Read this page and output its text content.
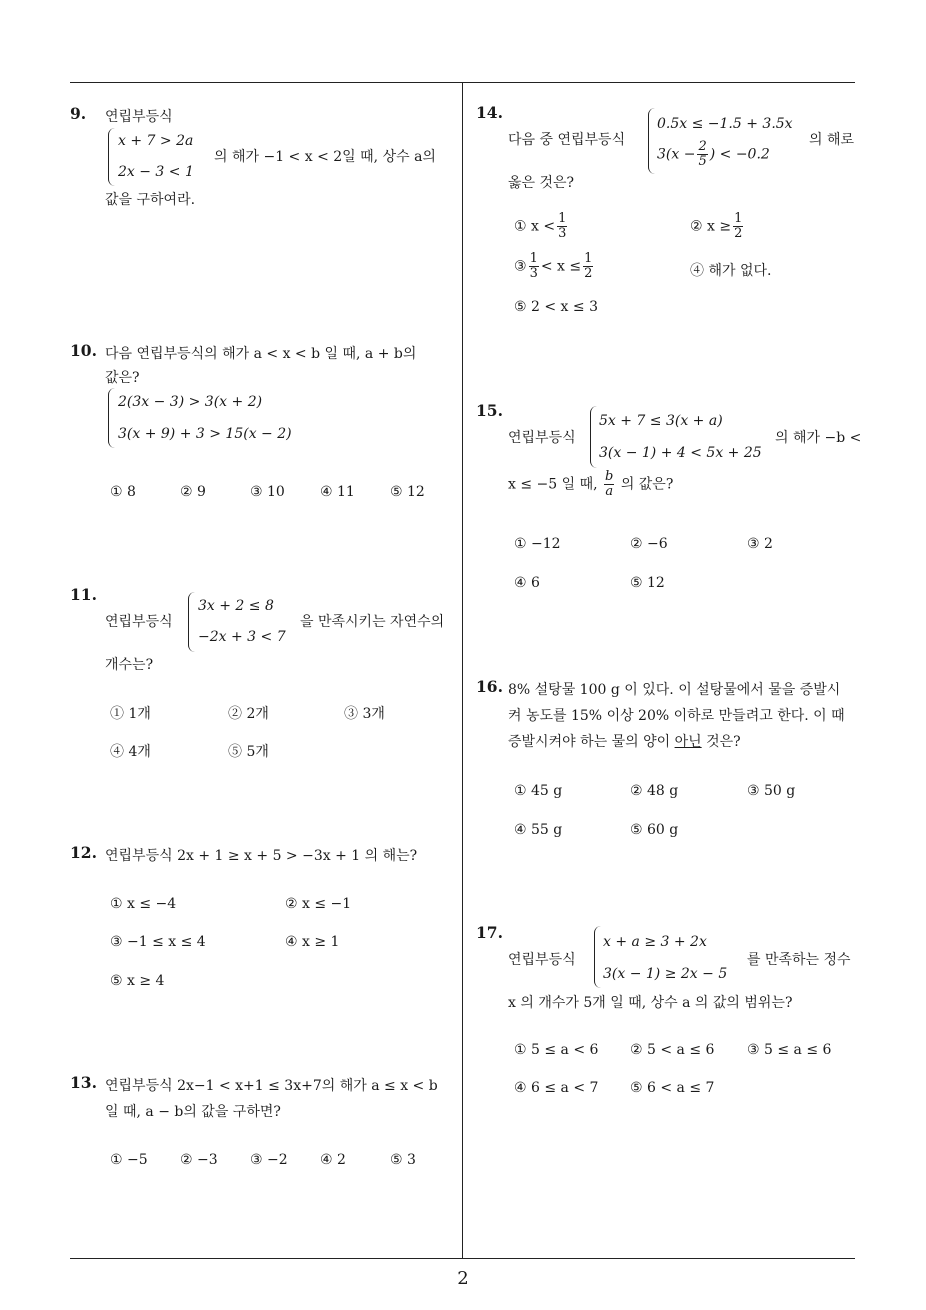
2
9. 연립부등식
x + 7 > 2a
2x − 3 < 1
의 해가 −1 < x < 2일 때, 상수 a의
값을 구하여라.
10. 다음 연립부등식의 해가 a < x < b 일 때, a + b의
값은?
2(3x − 3) > 3(x + 2)
3(x + 9) + 3 > 15(x − 2)
① 8	② 9	③ 10	④ 11	⑤ 12
11.
연립부등식
3x + 2 ≤ 8
−2x + 3 < 7
을 만족시키는 자연수의
개수는?
① 1개	② 2개	③ 3개
④ 4개	⑤ 5개
12. 연립부등식 2x + 1 ≥ x + 5 > −3x + 1 의 해는?
① x ≤ −4	② x ≤ −1
③ −1 ≤ x ≤ 4	④ x ≥ 1
⑤ x ≥ 4
13. 연립부등식 2x−1 < x+1 ≤ 3x+7의 해가 a ≤ x < b
일 때, a − b의 값을 구하면?
① −5 ② −3 ③ −2 ④ 2	⑤ 3
14.
다음 중 연립부등식
0.5x ≤ −1.5 + 3.5x
$3(x - \frac{2}{5}$ ) < −0.2
의 해로
옳은 것은?
① $x < \frac{1}{3}$	② $x \ge \frac{1}{2}$
③ $\frac{1}{3} < x \le \frac{1}{2}$	④ 해가 없다.
⑤ 2 < x ≤ 3
15.
연립부등식
5x + 7 ≤ 3(x + a)
3(x − 1) + 4 < 5x + 25
의 해가 −b <
x ≤ −5 일 때, $\frac{b}{a}$ 의 값은?
① −12	② −6	③ 2
④ 6	⑤ 12
16. 8% 설탕물 100 g 이 있다. 이 설탕물에서 물을 증발시
켜 농도를 15% 이상 20% 이하로 만들려고 한다. 이 때
증발시켜야 하는 물의 양이 아닌 것은?
① 45 g	② 48 g	③ 50 g
④ 55 g	⑤ 60 g
17.
연립부등식
x + a ≥ 3 + 2x
3(x − 1) ≥ 2x − 5
를 만족하는 정수
x 의 개수가 5개 일 때, 상수 a 의 값의 범위는?
① 5 ≤ a < 6 ② 5 < a ≤ 6 ③ 5 ≤ a ≤ 6
④ 6 ≤ a < 7 ⑤ 6 < a ≤ 7
